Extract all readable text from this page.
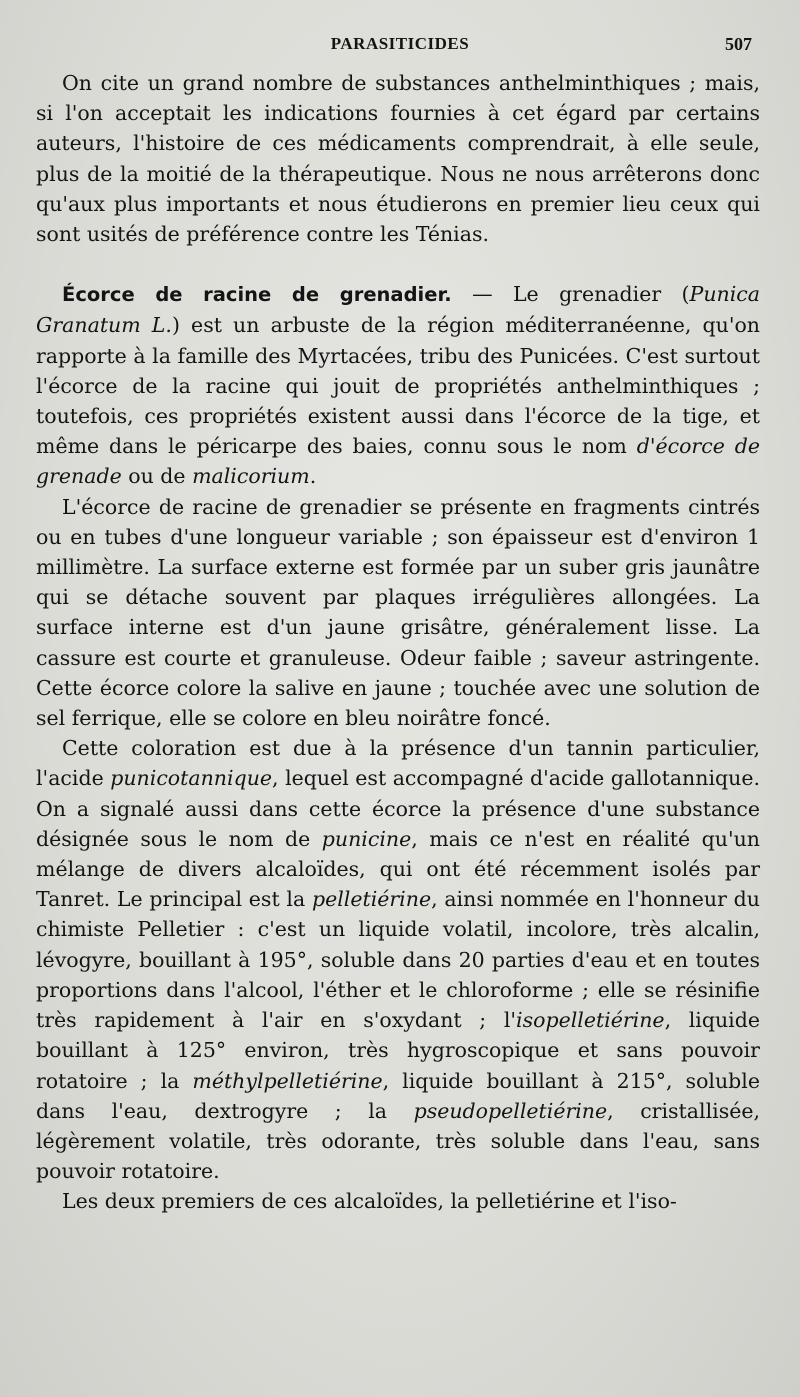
PARASITICIDES	507

On cite un grand nombre de substances anthelminthiques ; mais, si l'on acceptait les indications fournies à cet égard par certains auteurs, l'histoire de ces médicaments comprendrait, à elle seule, plus de la moitié de la thérapeutique. Nous ne nous arrêterons donc qu'aux plus importants et nous étudierons en premier lieu ceux qui sont usités de préférence contre les Ténias.

Écorce de racine de grenadier. — Le grenadier (Punica Granatum L.) est un arbuste de la région méditerranéenne, qu'on rapporte à la famille des Myrtacées, tribu des Punicées. C'est surtout l'écorce de la racine qui jouit de propriétés anthelminthiques ; toutefois, ces propriétés existent aussi dans l'écorce de la tige, et même dans le péricarpe des baies, connu sous le nom d'écorce de grenade ou de malicorium.

L'écorce de racine de grenadier se présente en fragments cintrés ou en tubes d'une longueur variable ; son épaisseur est d'environ 1 millimètre. La surface externe est formée par un suber gris jaunâtre qui se détache souvent par plaques irrégulières allongées. La surface interne est d'un jaune grisâtre, généralement lisse. La cassure est courte et granuleuse. Odeur faible ; saveur astringente. Cette écorce colore la salive en jaune ; touchée avec une solution de sel ferrique, elle se colore en bleu noirâtre foncé.

Cette coloration est due à la présence d'un tannin particulier, l'acide punicotannique, lequel est accompagné d'acide gallotannique. On a signalé aussi dans cette écorce la présence d'une substance désignée sous le nom de punicine, mais ce n'est en réalité qu'un mélange de divers alcaloïdes, qui ont été récemment isolés par Tanret. Le principal est la pelletiérine, ainsi nommée en l'honneur du chimiste Pelletier : c'est un liquide volatil, incolore, très alcalin, lévogyre, bouillant à 195°, soluble dans 20 parties d'eau et en toutes proportions dans l'alcool, l'éther et le chloroforme ; elle se résinifie très rapidement à l'air en s'oxydant ; l'isopelletiérine, liquide bouillant à 125° environ, très hygroscopique et sans pouvoir rotatoire ; la méthylpelletiérine, liquide bouillant à 215°, soluble dans l'eau, dextrogyre ; la pseudopelletiérine, cristallisée, légèrement volatile, très odorante, très soluble dans l'eau, sans pouvoir rotatoire.

Les deux premiers de ces alcaloïdes, la pelletiérine et l'iso-
